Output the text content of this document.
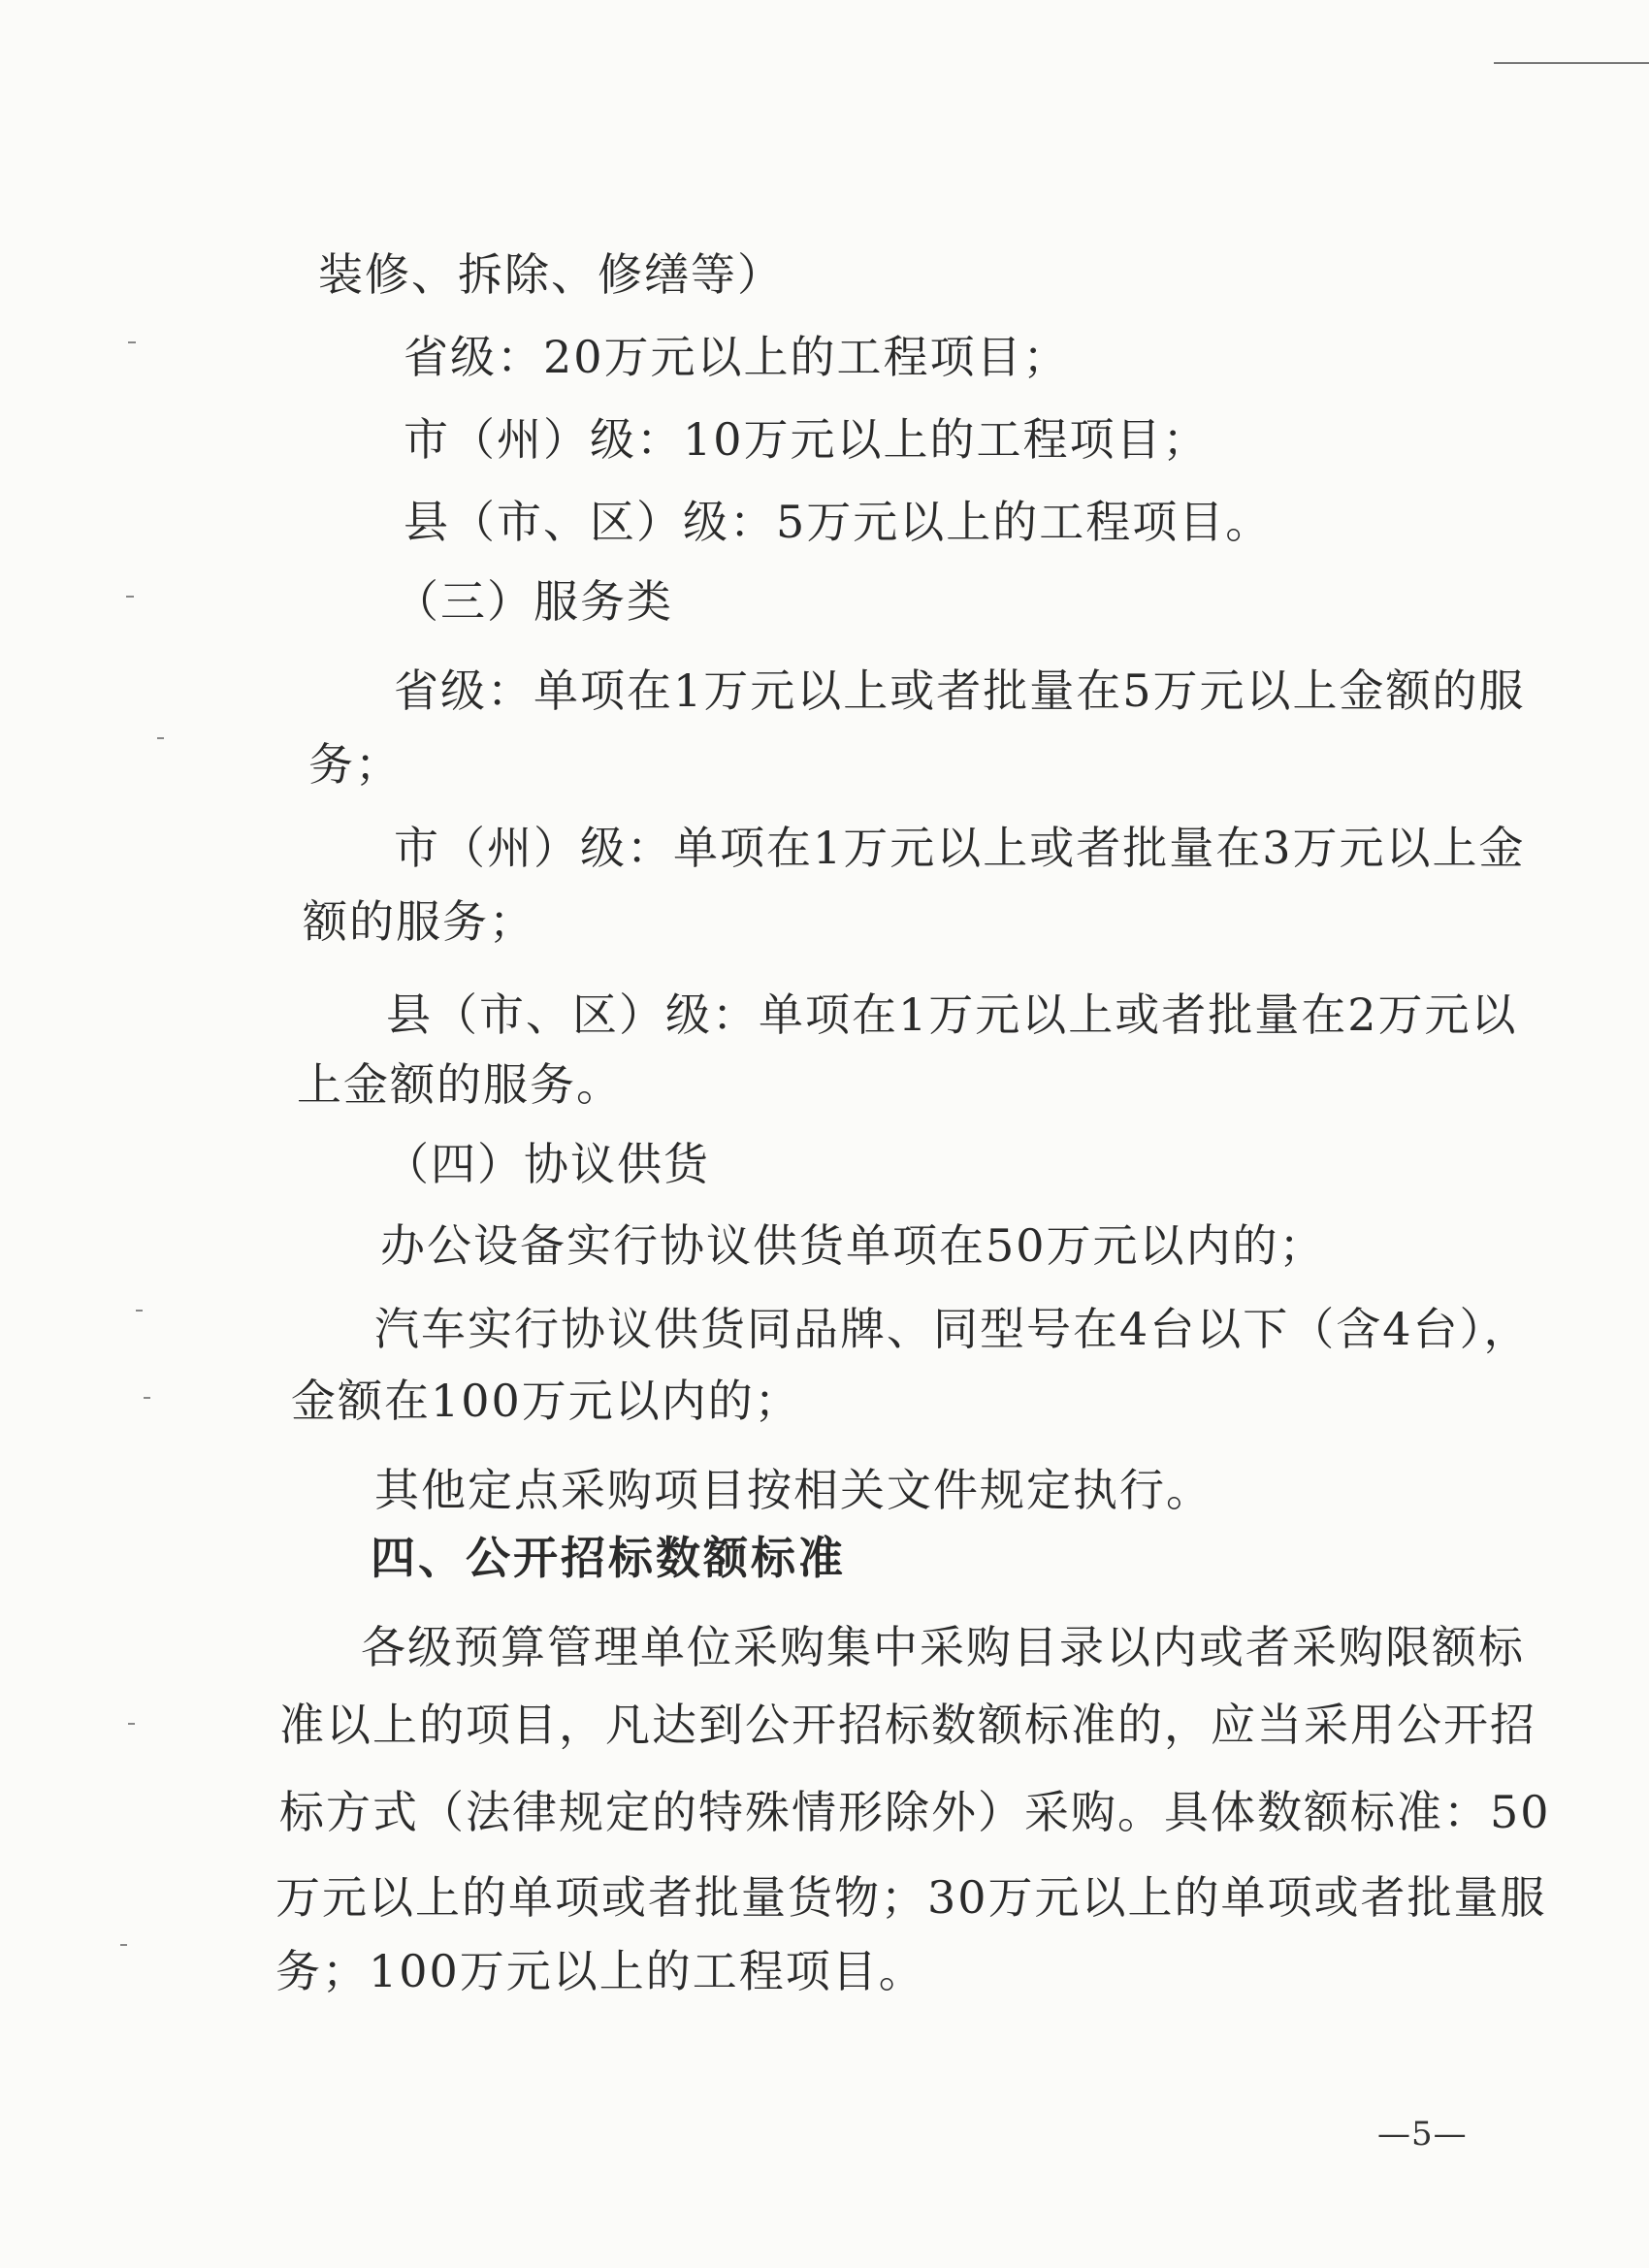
装修、拆除、修缮等）
省级：20万元以上的工程项目；
市（州）级：10万元以上的工程项目；
县（市、区）级：5万元以上的工程项目。
（三）服务类
省级：单项在1万元以上或者批量在5万元以上金额的服
务；
市（州）级：单项在1万元以上或者批量在3万元以上金
额的服务；
县（市、区）级：单项在1万元以上或者批量在2万元以
上金额的服务。
（四）协议供货
办公设备实行协议供货单项在50万元以内的；
汽车实行协议供货同品牌、同型号在4台以下（含4台），
金额在100万元以内的；
其他定点采购项目按相关文件规定执行。
四、公开招标数额标准
各级预算管理单位采购集中采购目录以内或者采购限额标
准以上的项目，凡达到公开招标数额标准的，应当采用公开招
标方式（法律规定的特殊情形除外）采购。具体数额标准：50
万元以上的单项或者批量货物；30万元以上的单项或者批量服
务；100万元以上的工程项目。
—5—
